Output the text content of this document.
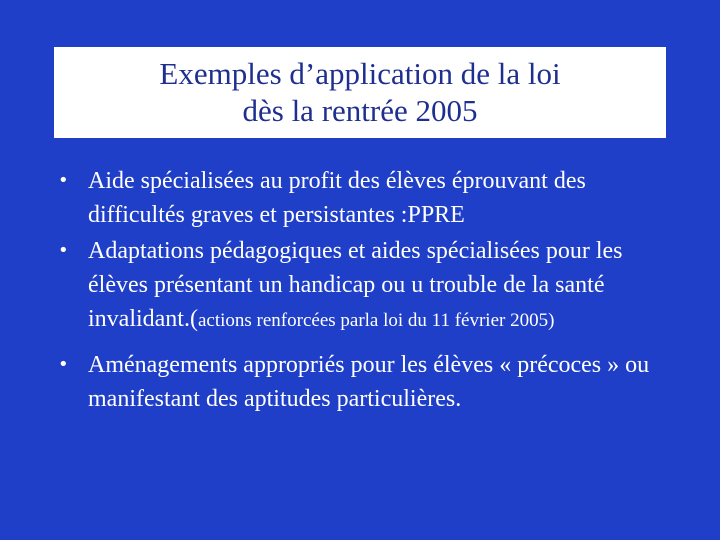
Exemples d’application de la loi
dès la rentrée 2005
• Aide spécialisées au profit des élèves éprouvant des difficultés graves et persistantes :PPRE
• Adaptations pédagogiques et aides spécialisées pour les élèves présentant un handicap ou u trouble de la santé invalidant.(actions renforcées parla loi du 11 février 2005)
• Aménagements appropriés pour les élèves « précoces » ou manifestant des aptitudes particulières.
